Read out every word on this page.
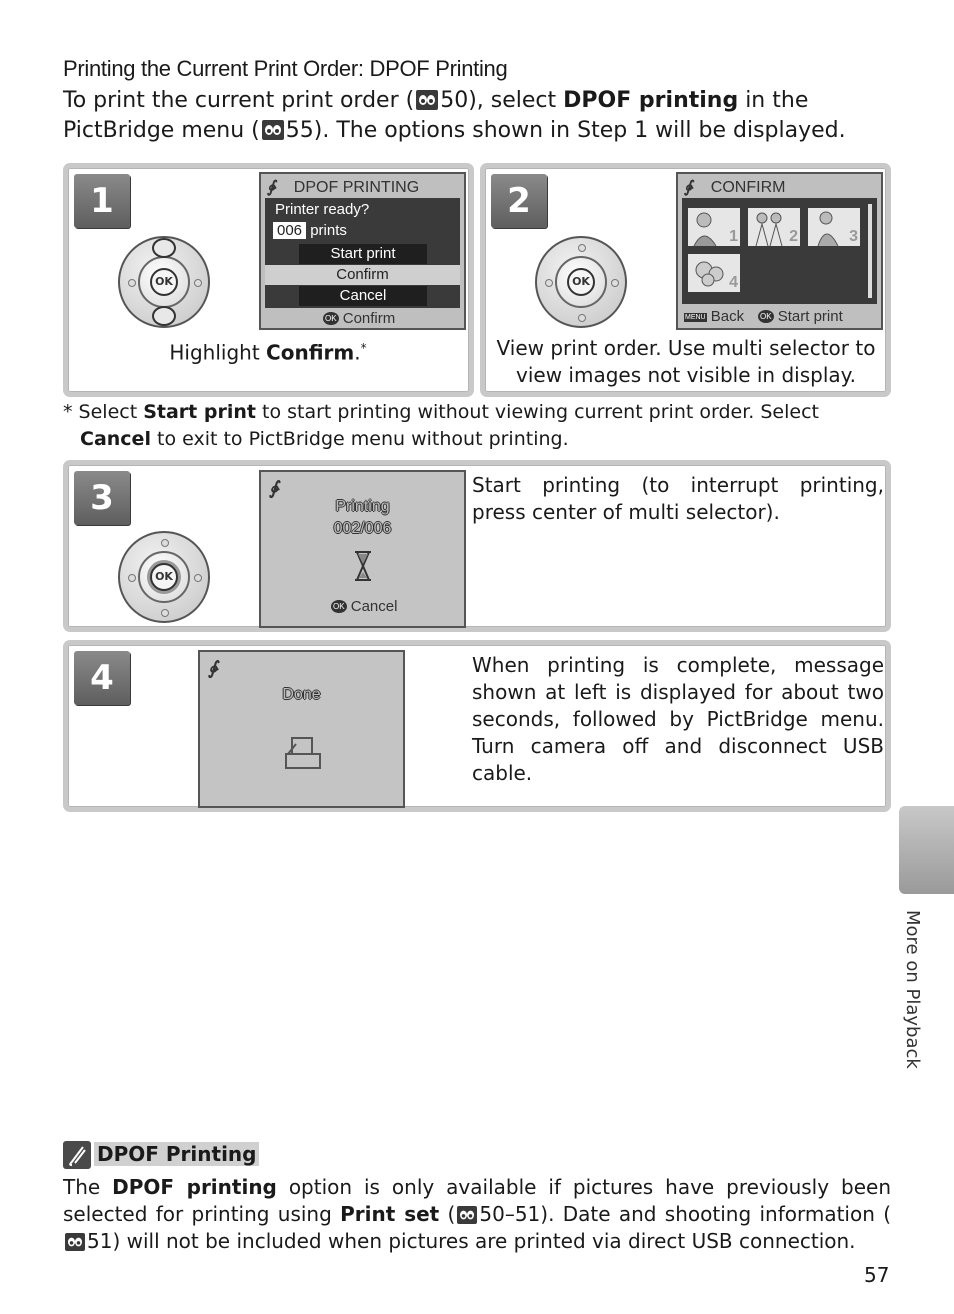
Printing the Current Print Order: DPOF Printing
To print the current print order ( 50), select DPOF printing in the PictBridge menu ( 55). The options shown in Step 1 will be displayed.
1
OK
∳ DPOF PRINTING
Printer ready?
006 prints
Start print
Confirm
Cancel
OK Confirm
Highlight Confirm.*
2
OK
∳ CONFIRM
1	2	3
4
MENU Back OK Start print
View print order. Use multi selector to view images not visible in display.
* Select Start print to start printing without viewing current print order. Select Cancel to exit to PictBridge menu without printing.
3
OK
∳
Printing
002/006
OK Cancel
Start printing (to interrupt printing, press center of multi selector).
4	∳
Done
When printing is complete, message shown at left is displayed for about two seconds, followed by PictBridge menu. Turn camera off and disconnect USB cable.
More on Playback
DPOF Printing
The DPOF printing option is only available if pictures have previously been selected for printing using Print set ( 50–51). Date and shooting information (
51) will not be included when pictures are printed via direct USB connection.
57
